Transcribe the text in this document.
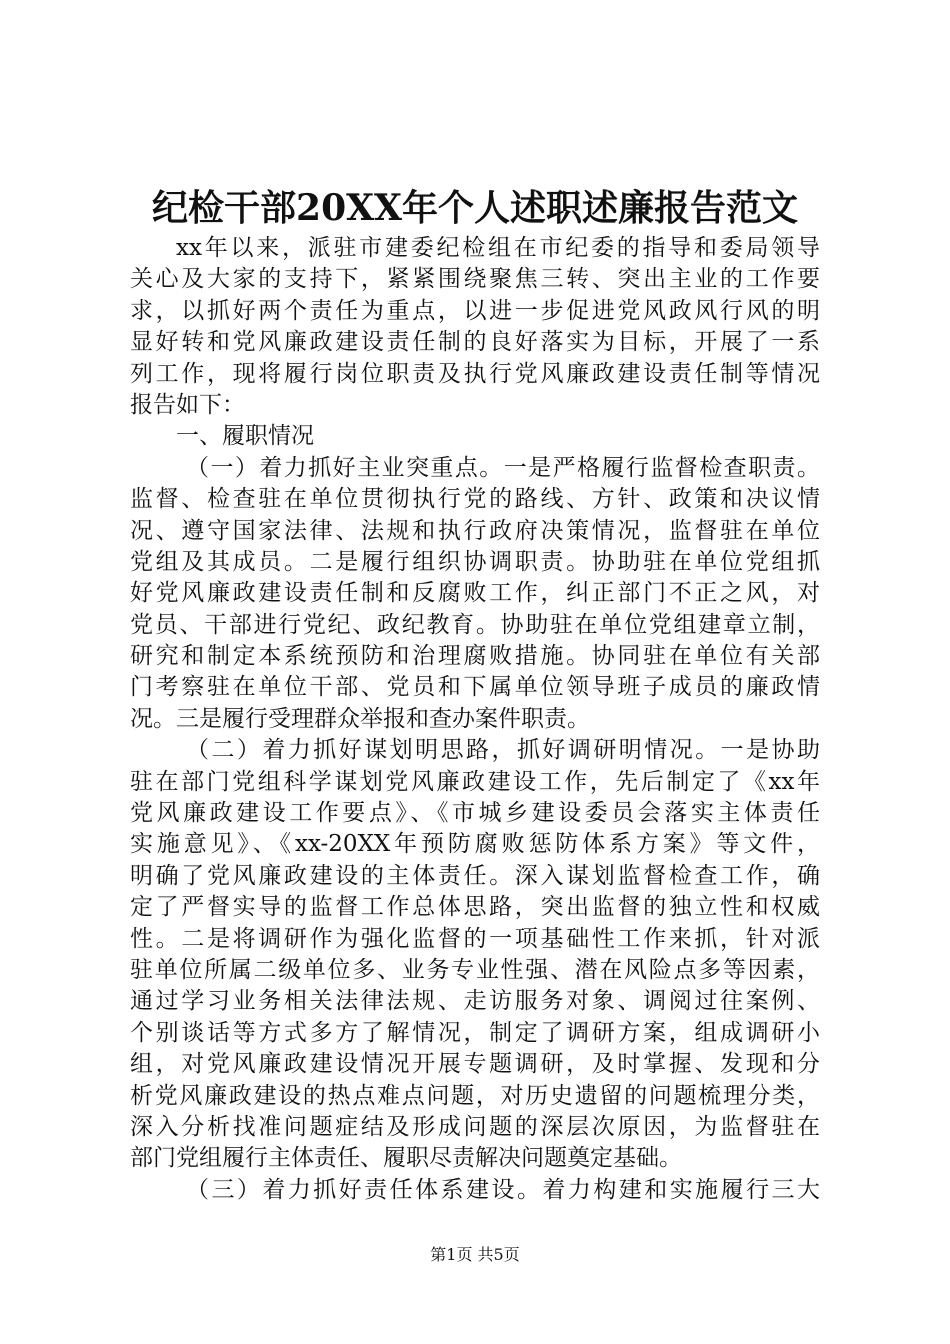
纪检干部20XX年个人述职述廉报告范文
xx年以来，派驻市建委纪检组在市纪委的指导和委局领导
关心及大家的支持下，紧紧围绕聚焦三转、突出主业的工作要
求，以抓好两个责任为重点，以进一步促进党风政风行风的明
显好转和党风廉政建设责任制的良好落实为目标，开展了一系
列工作，现将履行岗位职责及执行党风廉政建设责任制等情况
报告如下：
一、履职情况
（一）着力抓好主业突重点。一是严格履行监督检查职责。
监督、检查驻在单位贯彻执行党的路线、方针、政策和决议情
况、遵守国家法律、法规和执行政府决策情况，监督驻在单位
党组及其成员。二是履行组织协调职责。协助驻在单位党组抓
好党风廉政建设责任制和反腐败工作，纠正部门不正之风，对
党员、干部进行党纪、政纪教育。协助驻在单位党组建章立制，
研究和制定本系统预防和治理腐败措施。协同驻在单位有关部
门考察驻在单位干部、党员和下属单位领导班子成员的廉政情
况。三是履行受理群众举报和查办案件职责。
（二）着力抓好谋划明思路，抓好调研明情况。一是协助
驻在部门党组科学谋划党风廉政建设工作，先后制定了《xx年
党风廉政建设工作要点》、《市城乡建设委员会落实主体责任
实施意见》、《xx-20XX年预防腐败惩防体系方案》等文件，
明确了党风廉政建设的主体责任。深入谋划监督检查工作，确
定了严督实导的监督工作总体思路，突出监督的独立性和权威
性。二是将调研作为强化监督的一项基础性工作来抓，针对派
驻单位所属二级单位多、业务专业性强、潜在风险点多等因素，
通过学习业务相关法律法规、走访服务对象、调阅过往案例、
个别谈话等方式多方了解情况，制定了调研方案，组成调研小
组，对党风廉政建设情况开展专题调研，及时掌握、发现和分
析党风廉政建设的热点难点问题，对历史遗留的问题梳理分类，
深入分析找准问题症结及形成问题的深层次原因，为监督驻在
部门党组履行主体责任、履职尽责解决问题奠定基础。
（三）着力抓好责任体系建设。着力构建和实施履行三大
第1页 共5页
